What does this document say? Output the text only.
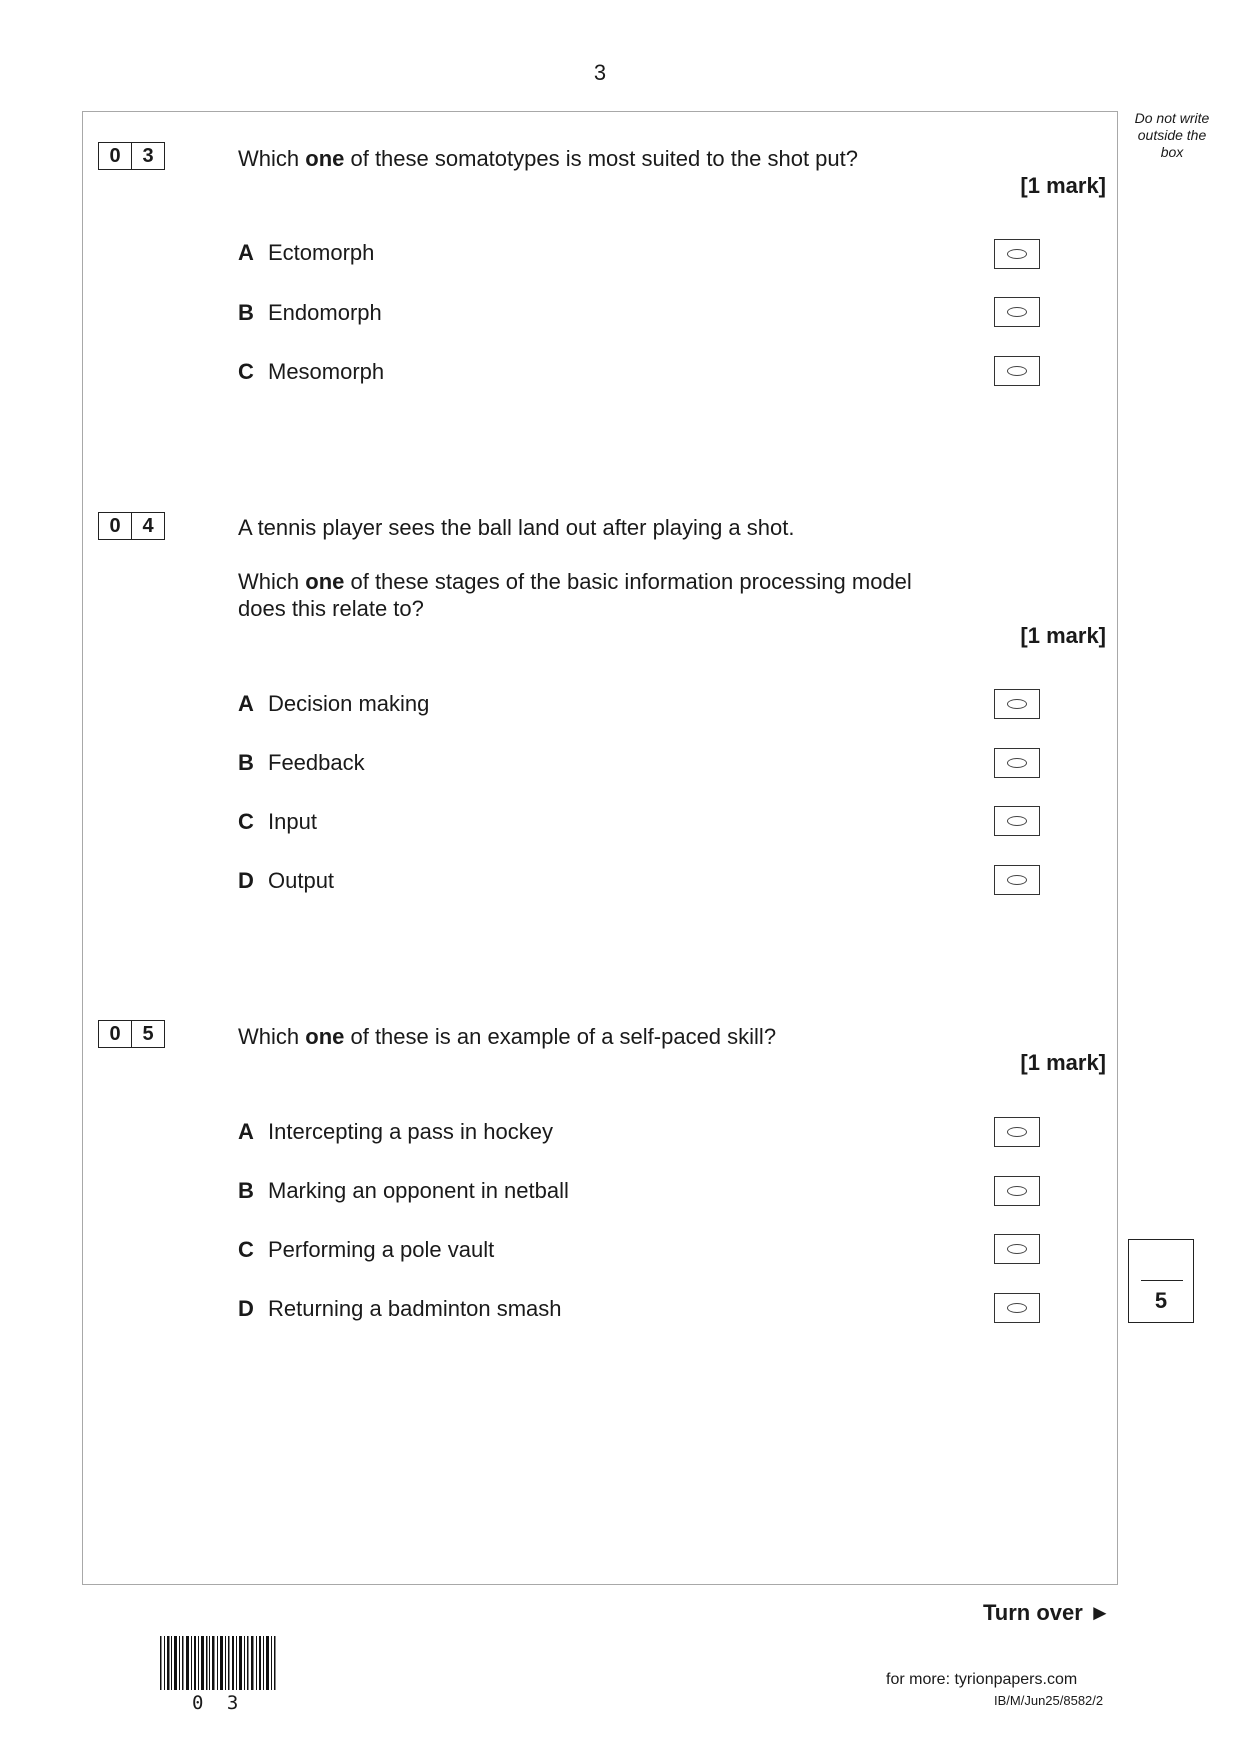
3
Do not write outside the box
0	3	Which one of these somatotypes is most suited to the shot put?
[1 mark]
A Ectomorph
B Endomorph
C Mesomorph
0	4	A tennis player sees the ball land out after playing a shot.
Which one of these stages of the basic information processing model does this relate to?
[1 mark]
A Decision making
B Feedback
C Input
D Output
0	5	Which one of these is an example of a self-paced skill?
[1 mark]
A Intercepting a pass in hockey
B Marking an opponent in netball
C Performing a pole vault
D Returning a badminton smash	5
Turn over ►
0 3
for more: tyrionpapers.com
IB/M/Jun25/8582/2
